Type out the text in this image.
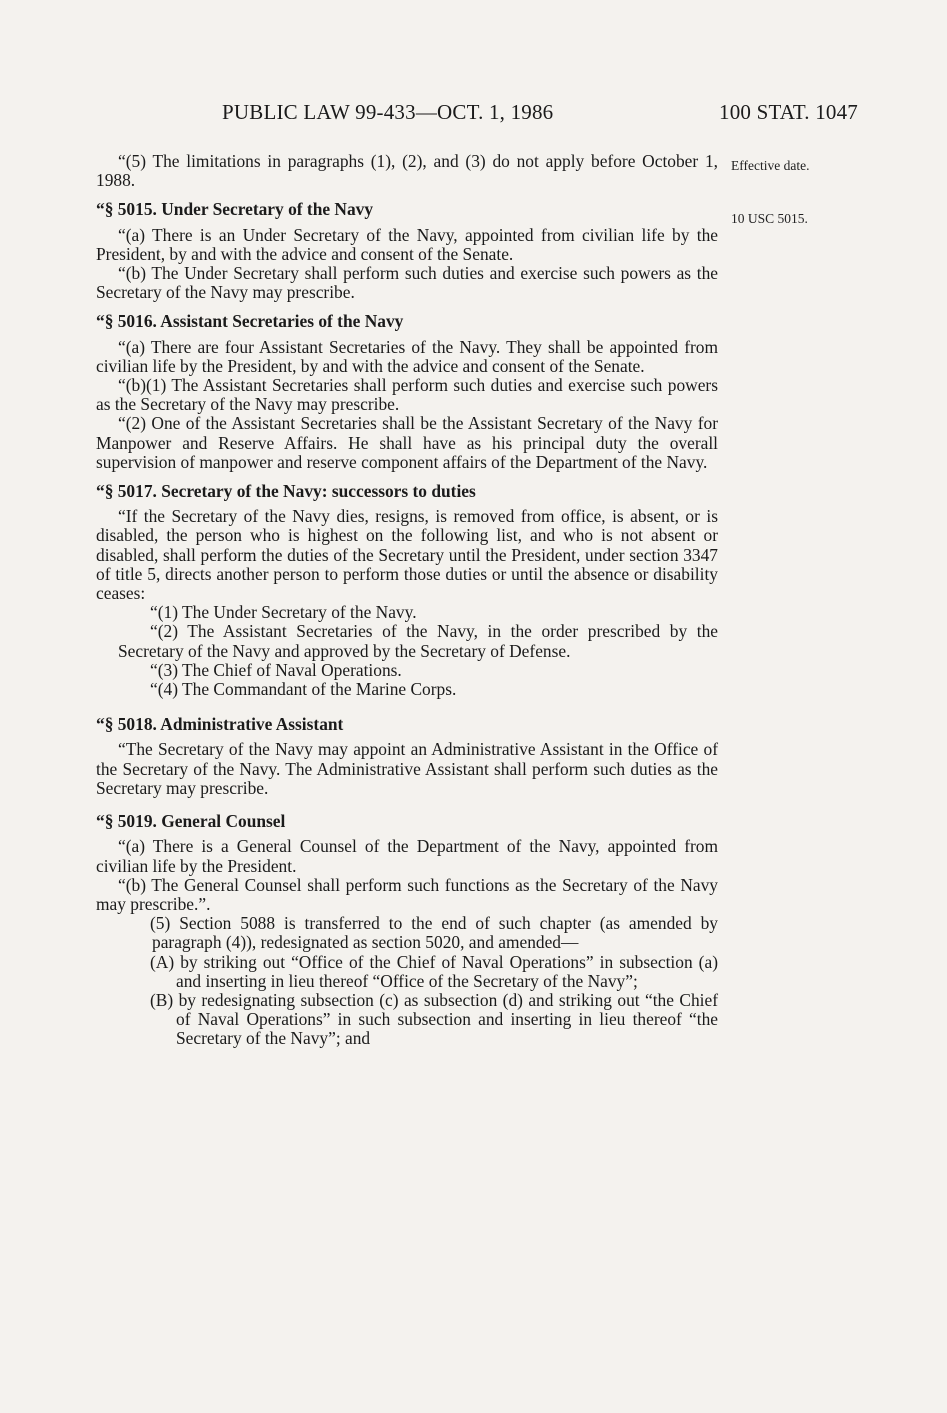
PUBLIC LAW 99-433—OCT. 1, 1986	100 STAT. 1047
Effective date.
10 USC 5015.

“(5) The limitations in paragraphs (1), (2), and (3) do not apply before October 1, 1988.

“§ 5015. Under Secretary of the Navy

“(a) There is an Under Secretary of the Navy, appointed from civilian life by the President, by and with the advice and consent of the Senate.

“(b) The Under Secretary shall perform such duties and exercise such powers as the Secretary of the Navy may prescribe.

“§ 5016. Assistant Secretaries of the Navy

“(a) There are four Assistant Secretaries of the Navy. They shall be appointed from civilian life by the President, by and with the advice and consent of the Senate.

“(b)(1) The Assistant Secretaries shall perform such duties and exercise such powers as the Secretary of the Navy may prescribe.

“(2) One of the Assistant Secretaries shall be the Assistant Secretary of the Navy for Manpower and Reserve Affairs. He shall have as his principal duty the overall supervision of manpower and reserve component affairs of the Department of the Navy.

“§ 5017. Secretary of the Navy: successors to duties

“If the Secretary of the Navy dies, resigns, is removed from office, is absent, or is disabled, the person who is highest on the following list, and who is not absent or disabled, shall perform the duties of the Secretary until the President, under section 3347 of title 5, directs another person to perform those duties or until the absence or disability ceases:

“(1) The Under Secretary of the Navy.

“(2) The Assistant Secretaries of the Navy, in the order prescribed by the Secretary of the Navy and approved by the Secretary of Defense.

“(3) The Chief of Naval Operations.

“(4) The Commandant of the Marine Corps.

“§ 5018. Administrative Assistant

“The Secretary of the Navy may appoint an Administrative Assistant in the Office of the Secretary of the Navy. The Administrative Assistant shall perform such duties as the Secretary may prescribe.

“§ 5019. General Counsel

“(a) There is a General Counsel of the Department of the Navy, appointed from civilian life by the President.

“(b) The General Counsel shall perform such functions as the Secretary of the Navy may prescribe.”.

(5) Section 5088 is transferred to the end of such chapter (as amended by paragraph (4)), redesignated as section 5020, and amended—

(A) by striking out “Office of the Chief of Naval Operations” in subsection (a) and inserting in lieu thereof “Office of the Secretary of the Navy”;

(B) by redesignating subsection (c) as subsection (d) and striking out “the Chief of Naval Operations” in such subsection and inserting in lieu thereof “the Secretary of the Navy”; and
